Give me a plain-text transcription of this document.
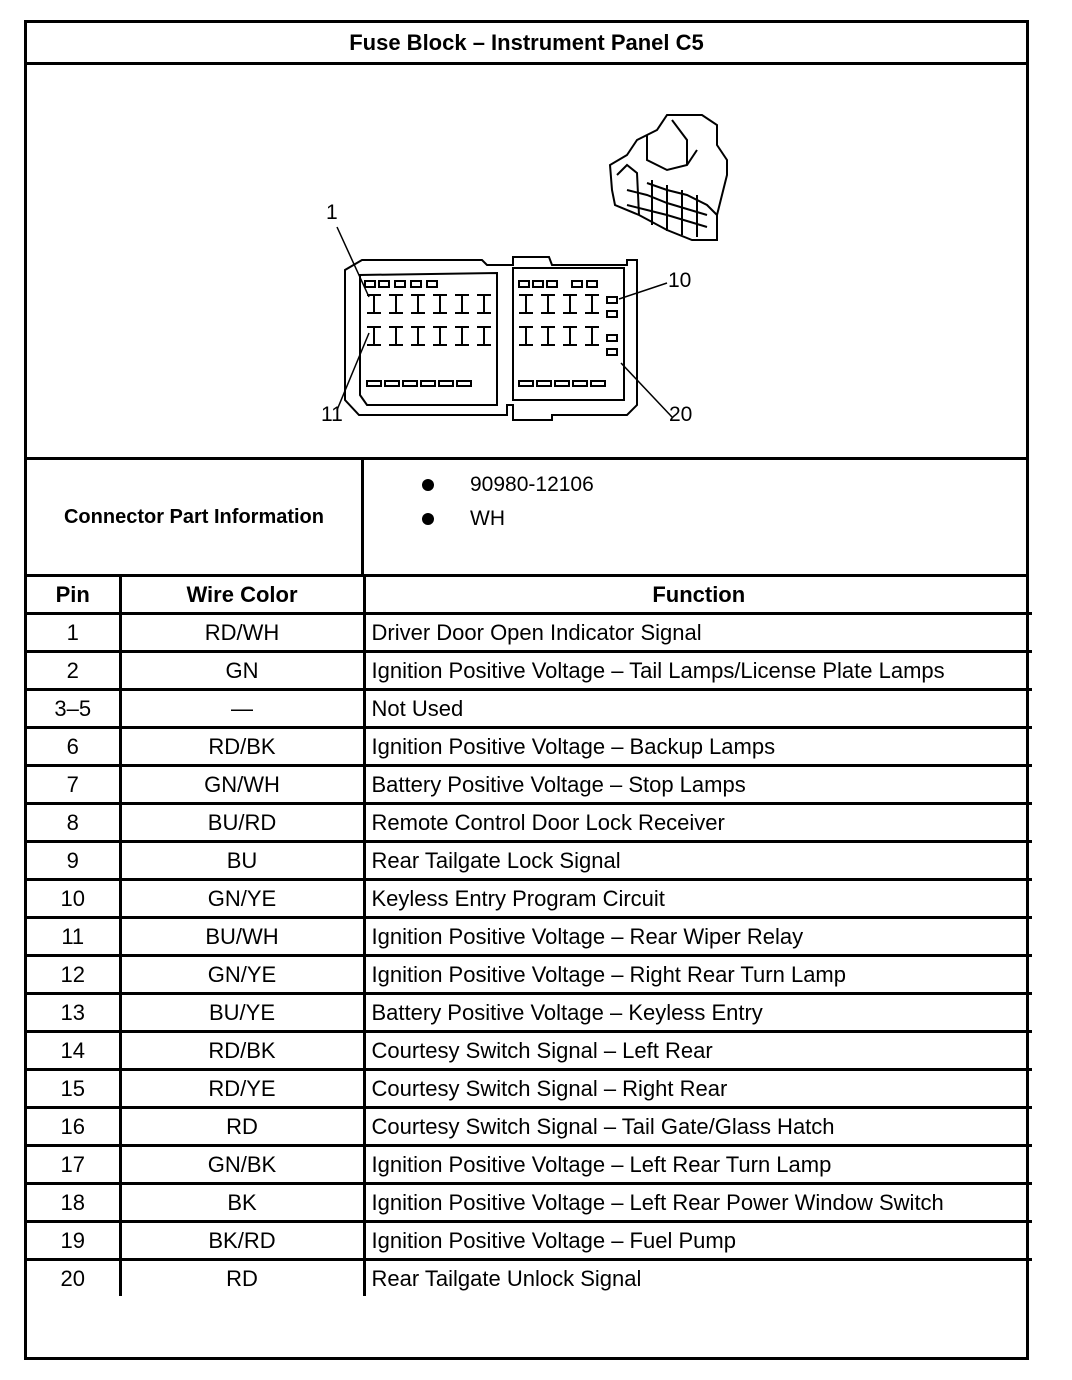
Fuse Block – Instrument Panel C5
1
10
11	20
Connector Part Information
90980-12106
WH
Pin	Wire Color	Function
1	RD/WH	Driver Door Open Indicator Signal
2	GN	Ignition Positive Voltage – Tail Lamps/License Plate Lamps
3–5	—	Not Used
6	RD/BK	Ignition Positive Voltage – Backup Lamps
7	GN/WH	Battery Positive Voltage – Stop Lamps
8	BU/RD	Remote Control Door Lock Receiver
9	BU	Rear Tailgate Lock Signal
10	GN/YE	Keyless Entry Program Circuit
11	BU/WH	Ignition Positive Voltage – Rear Wiper Relay
12	GN/YE	Ignition Positive Voltage – Right Rear Turn Lamp
13	BU/YE	Battery Positive Voltage – Keyless Entry
14	RD/BK	Courtesy Switch Signal – Left Rear
15	RD/YE	Courtesy Switch Signal – Right Rear
16	RD	Courtesy Switch Signal – Tail Gate/Glass Hatch
17	GN/BK	Ignition Positive Voltage – Left Rear Turn Lamp
18	BK	Ignition Positive Voltage – Left Rear Power Window Switch
19	BK/RD	Ignition Positive Voltage – Fuel Pump
20	RD	Rear Tailgate Unlock Signal
